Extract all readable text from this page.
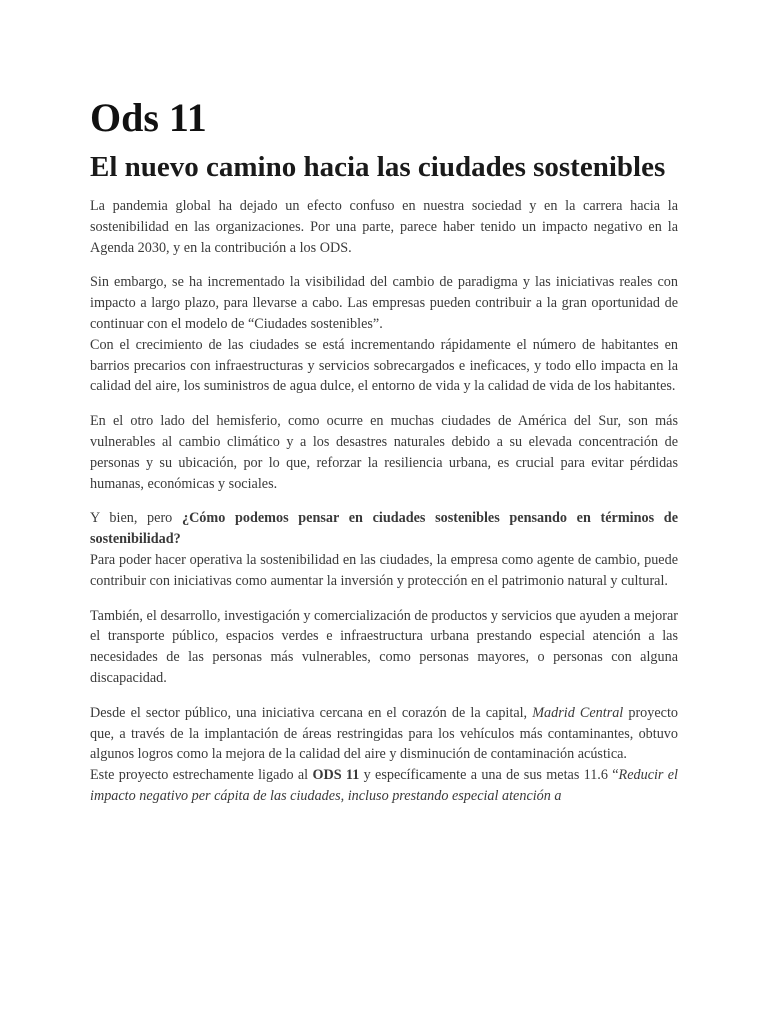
Ods 11
El nuevo camino hacia las ciudades sostenibles

La pandemia global ha dejado un efecto confuso en nuestra sociedad y en la carrera hacia la sostenibilidad en las organizaciones. Por una parte, parece haber tenido un impacto negativo en la Agenda 2030, y en la contribución a los ODS.

Sin embargo, se ha incrementado la visibilidad del cambio de paradigma y las iniciativas reales con impacto a largo plazo, para llevarse a cabo. Las empresas pueden contribuir a la gran oportunidad de continuar con el modelo de “Ciudades sostenibles”.

Con el crecimiento de las ciudades se está incrementando rápidamente el número de habitantes en barrios precarios con infraestructuras y servicios sobrecargados e ineficaces, y todo ello impacta en la calidad del aire, los suministros de agua dulce, el entorno de vida y la calidad de vida de los habitantes.

En el otro lado del hemisferio, como ocurre en muchas ciudades de América del Sur, son más vulnerables al cambio climático y a los desastres naturales debido a su elevada concentración de personas y su ubicación, por lo que, reforzar la resiliencia urbana, es crucial para evitar pérdidas humanas, económicas y sociales.

Y bien, pero ¿Cómo podemos pensar en ciudades sostenibles pensando en términos de sostenibilidad?

Para poder hacer operativa la sostenibilidad en las ciudades, la empresa como agente de cambio, puede contribuir con iniciativas como aumentar la inversión y protección en el patrimonio natural y cultural.

También, el desarrollo, investigación y comercialización de productos y servicios que ayuden a mejorar el transporte público, espacios verdes e infraestructura urbana prestando especial atención a las necesidades de las personas más vulnerables, como personas mayores, o personas con alguna discapacidad.

Desde el sector público, una iniciativa cercana en el corazón de la capital, Madrid Central proyecto que, a través de la implantación de áreas restringidas para los vehículos más contaminantes, obtuvo algunos logros como la mejora de la calidad del aire y disminución de contaminación acústica.

Este proyecto estrechamente ligado al ODS 11 y específicamente a una de sus metas 11.6 “Reducir el impacto negativo per cápita de las ciudades, incluso prestando especial atención a
